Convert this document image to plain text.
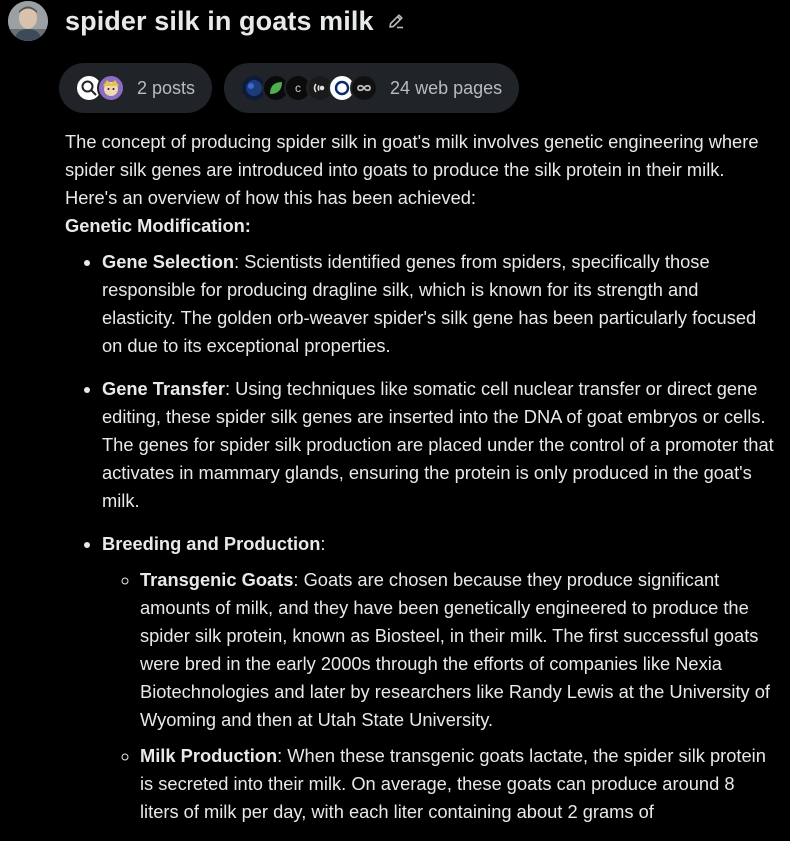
spider silk in goats milk
2 posts	c	24 web pages

The concept of producing spider silk in goat's milk involves genetic engineering where spider silk genes are introduced into goats to produce the silk protein in their milk. Here's an overview of how this has been achieved:

Genetic Modification:

• Gene Selection: Scientists identified genes from spiders, specifically those responsible for producing dragline silk, which is known for its strength and elasticity. The golden orb-weaver spider's silk gene has been particularly focused on due to its exceptional properties.
• Gene Transfer: Using techniques like somatic cell nuclear transfer or direct gene editing, these spider silk genes are inserted into the DNA of goat embryos or cells. The genes for spider silk production are placed under the control of a promoter that activates in mammary glands, ensuring the protein is only produced in the goat's milk.
• Breeding and Production:
◦ Transgenic Goats: Goats are chosen because they produce significant amounts of milk, and they have been genetically engineered to produce the spider silk protein, known as Biosteel, in their milk. The first successful goats were bred in the early 2000s through the efforts of companies like Nexia Biotechnologies and later by researchers like Randy Lewis at the University of Wyoming and then at Utah State University.
◦ Milk Production: When these transgenic goats lactate, the spider silk protein is secreted into their milk. On average, these goats can produce around 8 liters of milk per day, with each liter containing about 2 grams of
